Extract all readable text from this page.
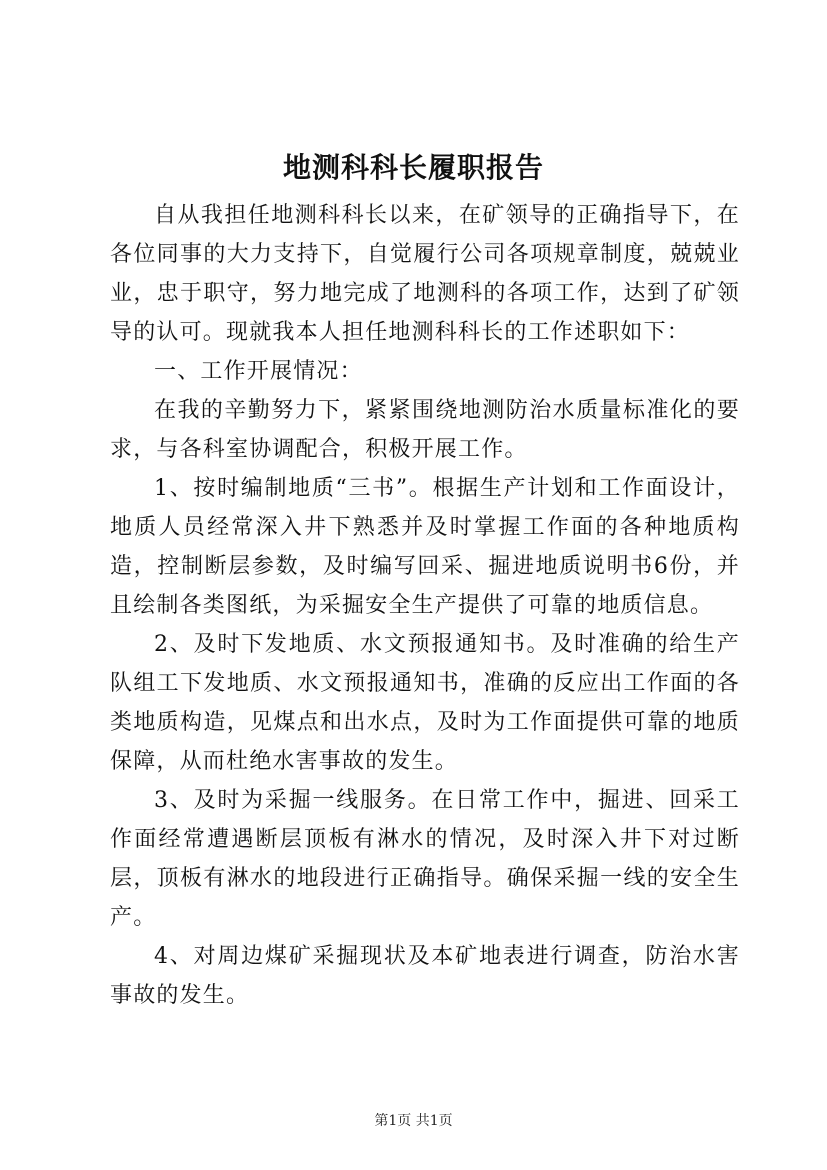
地测科科长履职报告

自从我担任地测科科长以来，在矿领导的正确指导下，在各位同事的大力支持下，自觉履行公司各项规章制度，兢兢业业，忠于职守，努力地完成了地测科的各项工作，达到了矿领导的认可。现就我本人担任地测科科长的工作述职如下：

一、工作开展情况：

在我的辛勤努力下，紧紧围绕地测防治水质量标准化的要求，与各科室协调配合，积极开展工作。

1、按时编制地质“三书”。根据生产计划和工作面设计，地质人员经常深入井下熟悉并及时掌握工作面的各种地质构造，控制断层参数，及时编写回采、掘进地质说明书6份，并且绘制各类图纸，为采掘安全生产提供了可靠的地质信息。

2、及时下发地质、水文预报通知书。及时准确的给生产队组工下发地质、水文预报通知书，准确的反应出工作面的各类地质构造，见煤点和出水点，及时为工作面提供可靠的地质保障，从而杜绝水害事故的发生。

3、及时为采掘一线服务。在日常工作中，掘进、回采工作面经常遭遇断层顶板有淋水的情况，及时深入井下对过断层，顶板有淋水的地段进行正确指导。确保采掘一线的安全生产。

4、对周边煤矿采掘现状及本矿地表进行调查，防治水害事故的发生。

第1页 共1页
